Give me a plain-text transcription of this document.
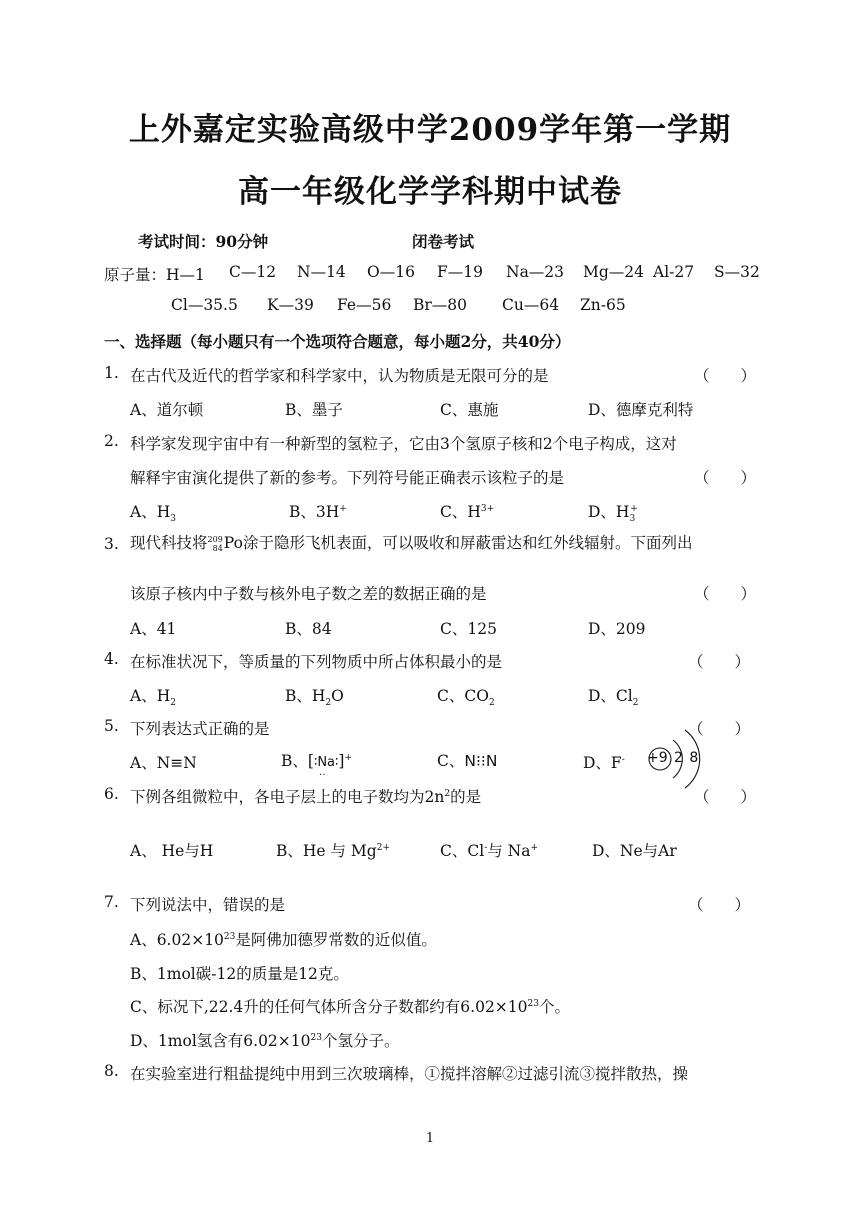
上外嘉定实验高级中学2009学年第一学期
高一年级化学学科期中试卷
考试时间：90分钟	闭卷考试
原子量：H—1 C—12 N—14 O—16 F—19 Na—23 Mg—24 Al-27 S—32
Cl—35.5 K—39 Fe—56 Br—80 Cu—64 Zn-65
一、选择题（每小题只有一个选项符合题意，每小题2分，共40分）
1. 在古代及近代的哲学家和科学家中，认为物质是无限可分的是	（　　）
A、道尔顿	B、墨子	C、惠施	D、德摩克利特
2. 科学家发现宇宙中有一种新型的氢粒子，它由3个氢原子核和2个电子构成，这对
解释宇宙演化提供了新的参考。下列符号能正确表示该粒子的是	（　　）
A、$H_3$	B、3H+	C、$H^{3+}$	D、$H_3^+$
3. 现代科技将209
84Po涂于隐形飞机表面，可以吸收和屏蔽雷达和红外线辐射。下面列出
该原子核内中子数与核外电子数之差的数据正确的是	（　　）
A、41	B、84	C、125	D、209
4. 在标准状况下，等质量的下列物质中所占体积最小的是	（　　）
A、$H_2$	B、$H_2O$	C、$CO_2$	D、$Cl_2$
5. 下列表达式正确的是	（　　）
A、N≡N	B、[∶Na∶]+
‥
C、N⁝⁝N	D、F- +9 2 8
6. 下例各组微粒中，各电子层上的电子数均为$2n^2$的是	（　　）
A、 He与H	B、He 与 $Mg^{2+}$	C、Cl-与 Na+	D、Ne与Ar
7. 下列说法中，错误的是	（　　）
A、$6.02\times 10^{23}$是阿佛加德罗常数的近似值。
B、1mol碳-12的质量是12克。
C、标况下,22.4升的任何气体所含分子数都约有$6.02\times 10^{23}$个。
D、1mol氢含有$6.02\times 10^{23}$个氢分子。
8. 在实验室进行粗盐提纯中用到三次玻璃棒，①搅拌溶解②过滤引流③搅拌散热，操
1
